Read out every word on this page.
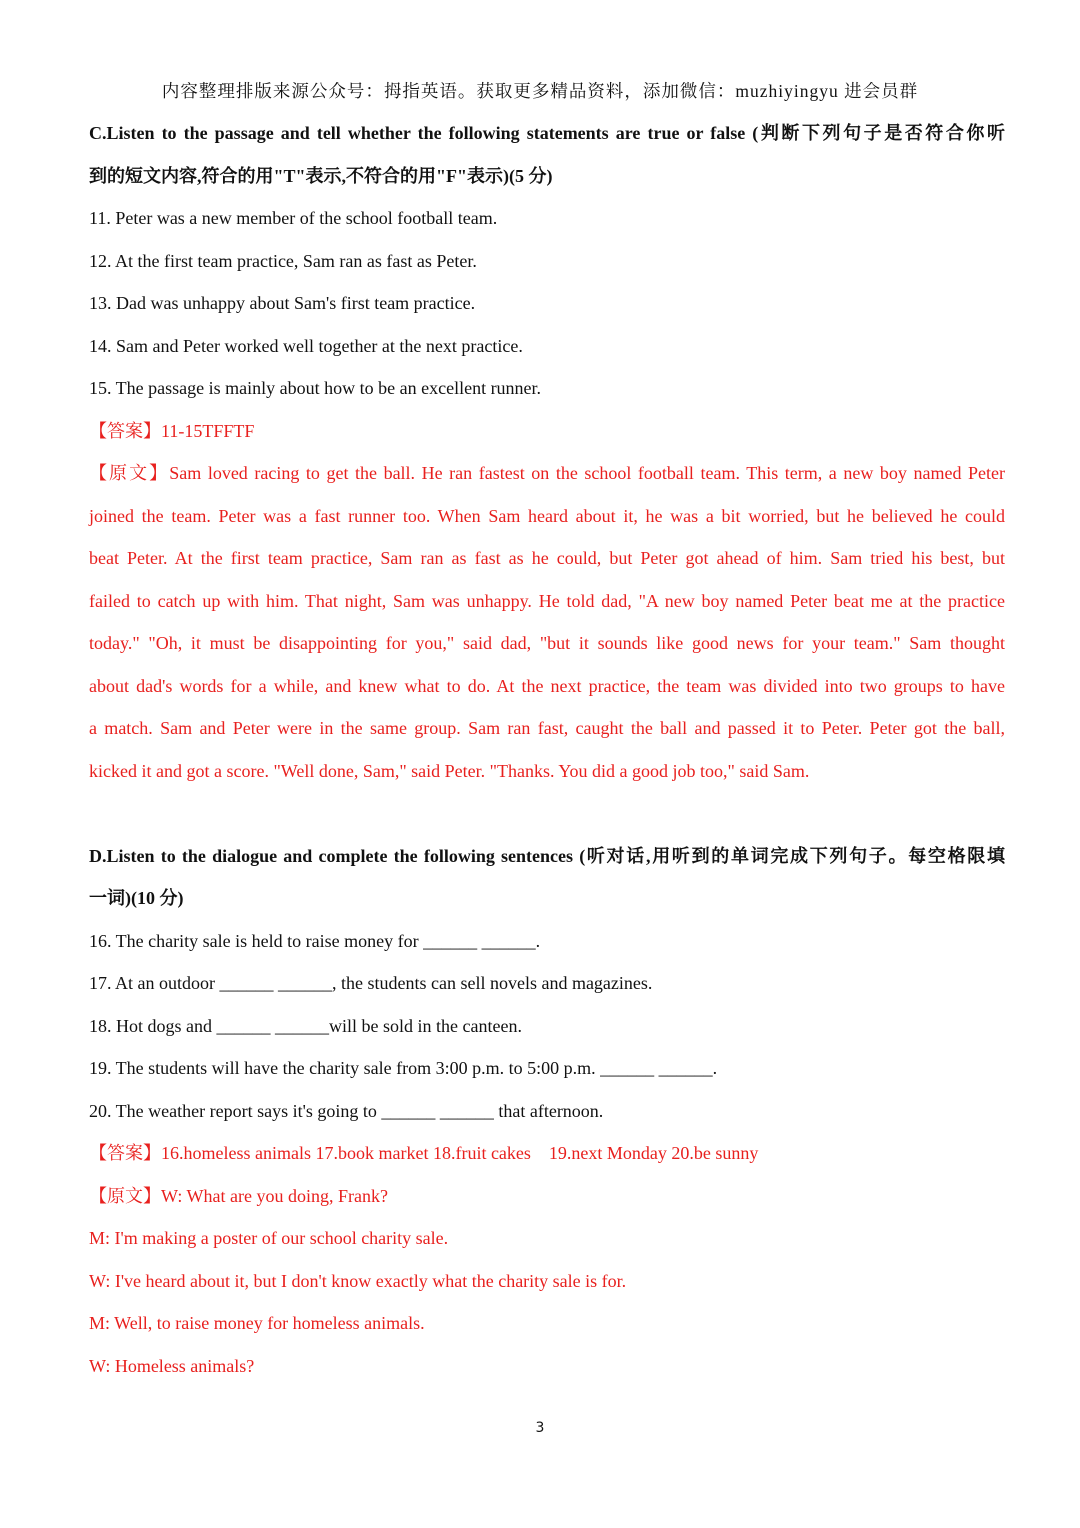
内容整理排版来源公众号：拇指英语。获取更多精品资料，添加微信：muzhiyingyu 进会员群

C.Listen to the passage and tell whether the following statements are true or false (判断下列句子是否符合你听

到的短文内容,符合的用"T"表示,不符合的用"F"表示)(5 分)

11. Peter was a new member of the school football team.

12. At the first team practice, Sam ran as fast as Peter.

13. Dad was unhappy about Sam's first team practice.

14. Sam and Peter worked well together at the next practice.

15. The passage is mainly about how to be an excellent runner.

【答案】11-15TFFTF

【原文】Sam loved racing to get the ball. He ran fastest on the school football team. This term, a new boy named Peter

joined the team. Peter was a fast runner too. When Sam heard about it, he was a bit worried, but he believed he could

beat Peter. At the first team practice, Sam ran as fast as he could, but Peter got ahead of him. Sam tried his best, but

failed to catch up with him. That night, Sam was unhappy. He told dad, "A new boy named Peter beat me at the practice

today." "Oh, it must be disappointing for you," said dad, "but it sounds like good news for your team." Sam thought

about dad's words for a while, and knew what to do. At the next practice, the team was divided into two groups to have

a match. Sam and Peter were in the same group. Sam ran fast, caught the ball and passed it to Peter. Peter got the ball,

kicked it and got a score. "Well done, Sam," said Peter. "Thanks. You did a good job too," said Sam.

D.Listen to the dialogue and complete the following sentences (听对话,用听到的单词完成下列句子。每空格限填

一词)(10 分)

16. The charity sale is held to raise money for ______ ______.

17. At an outdoor ______ ______, the students can sell novels and magazines.

18. Hot dogs and ______ ______will be sold in the canteen.

19. The students will have the charity sale from 3:00 p.m. to 5:00 p.m. ______ ______.

20. The weather report says it's going to ______ ______ that afternoon.

【答案】16.homeless animals 17.book market 18.fruit cakes 19.next Monday 20.be sunny

【原文】W: What are you doing, Frank?

M: I'm making a poster of our school charity sale.

W: I've heard about it, but I don't know exactly what the charity sale is for.

M: Well, to raise money for homeless animals.

W: Homeless animals?

3
